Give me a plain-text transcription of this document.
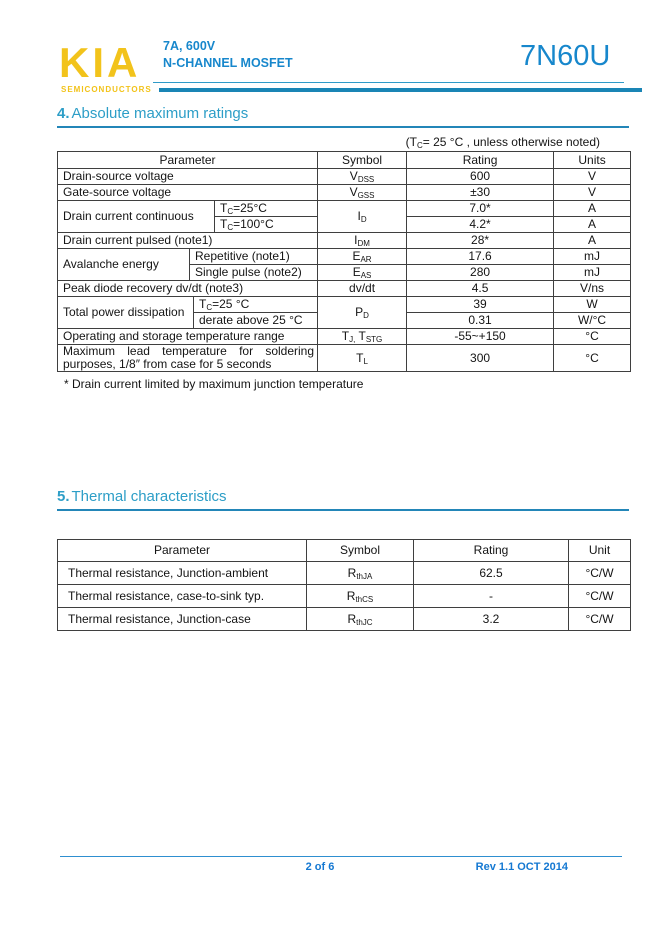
KIA
SEMICONDUCTORS
7A, 600V
N-CHANNEL MOSFET	7N60U
4. Absolute maximum ratings
($T_C= 25$ °C , unless otherwise noted)
Parameter				Symbol	Rating	Units
Drain-source voltage				$V_{DSS}$	600	V
Gate-source voltage				$V_{GSS}$	±30	V
Drain current continuous			$T_C=25^\circ C$	$I_D$	7.0*	A
			$T_C=100^\circ C$		4.2*	A
Drain current pulsed (note1)				$I_{DM}$	28*	A
Avalanche energy	Repetitive (note1)			$E_{AR}$	17.6	mJ
	Single pulse (note2)			$E_{AS}$	280	mJ
Peak diode recovery dv/dt (note3)				dv/dt	4.5	V/ns
Total power dissipation		$T_C=25$ °C		$P_D$	39	W
		derate above 25 °C			0.31	W/°C
Operating and storage temperature range				$T_{J,}$ $T_{STG}$	-55~+150	°C
Maximum lead temperature for soldering purposes, 1/8″ from case for 5 seconds				$T_L$	300	°C
* Drain current limited by maximum junction temperature
5. Thermal characteristics
Parameter	Symbol	Rating	Unit
Thermal resistance, Junction-ambient	$R_{thJA}$	62.5	°C/W
Thermal resistance, case-to-sink typ.	$R_{thCS}$	-	°C/W
Thermal resistance, Junction-case	$R_{thJC}$	3.2	°C/W
2 of 6	Rev 1.1 OCT 2014
